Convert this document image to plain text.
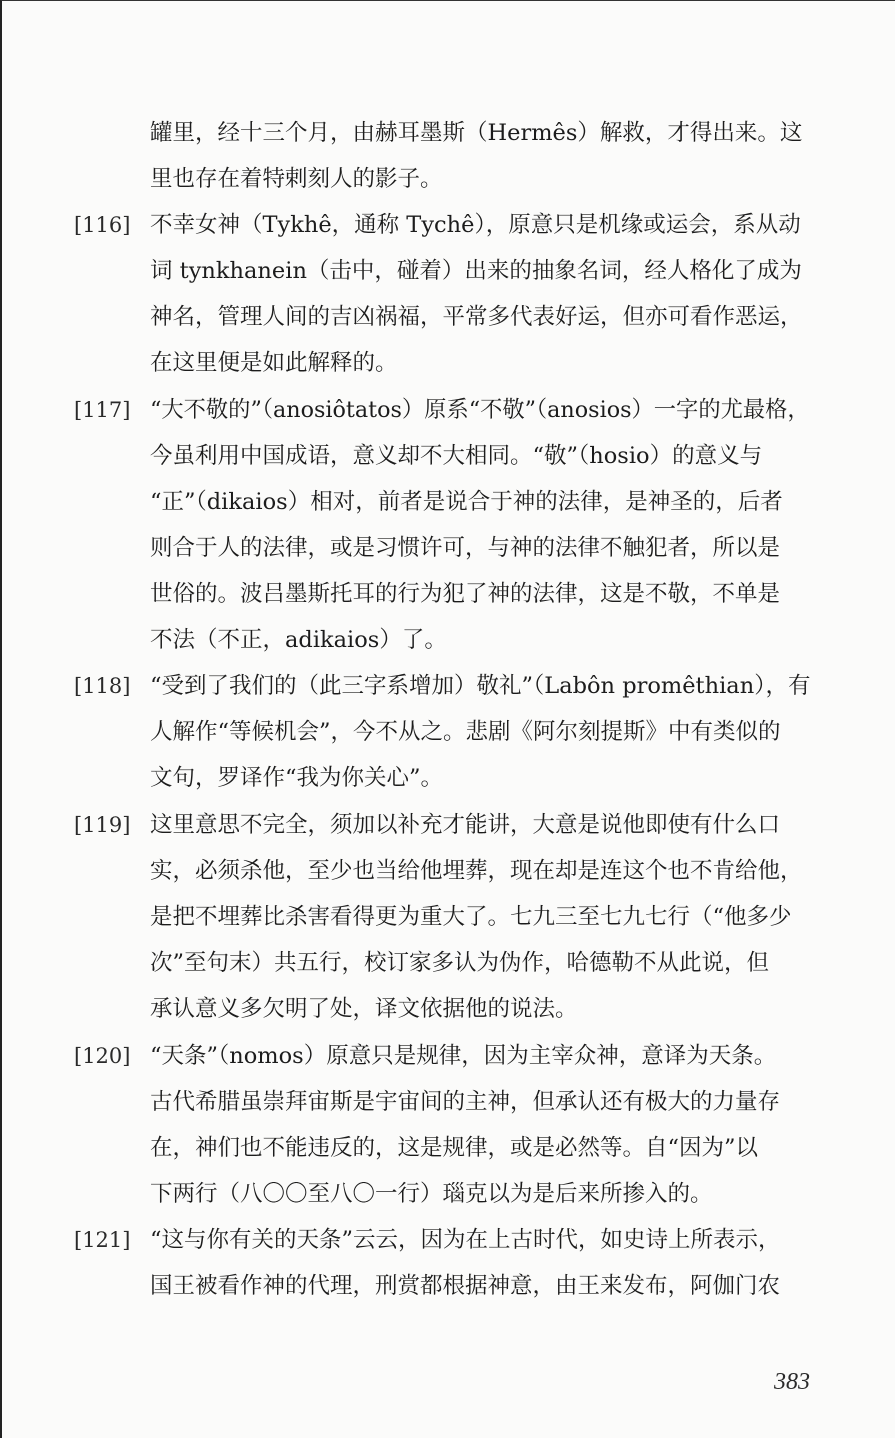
罐里，经十三个月，由赫耳墨斯（Hermês）解救，才得出来。这
里也存在着特剌刻人的影子。
[116] 不幸女神（Tykhê，通称 Tychê），原意只是机缘或运会，系从动
词 tynkhanein（击中，碰着）出来的抽象名词，经人格化了成为
神名，管理人间的吉凶祸福，平常多代表好运，但亦可看作恶运，
在这里便是如此解释的。
[117] “大不敬的”（anosiôtatos）原系“不敬”（anosios）一字的尤最格，
今虽利用中国成语，意义却不大相同。“敬”（hosio）的意义与
“正”（dikaios）相对，前者是说合于神的法律，是神圣的，后者
则合于人的法律，或是习惯许可，与神的法律不触犯者，所以是
世俗的。波吕墨斯托耳的行为犯了神的法律，这是不敬，不单是
不法（不正，adikaios）了。
[118] “受到了我们的（此三字系增加）敬礼”（Labôn promêthian），有
人解作“等候机会”，今不从之。悲剧《阿尔刻提斯》中有类似的
文句，罗译作“我为你关心”。
[119] 这里意思不完全，须加以补充才能讲，大意是说他即使有什么口
实，必须杀他，至少也当给他埋葬，现在却是连这个也不肯给他，
是把不埋葬比杀害看得更为重大了。七九三至七九七行（“他多少
次”至句末）共五行，校订家多认为伪作，哈德勒不从此说，但
承认意义多欠明了处，译文依据他的说法。
[120] “天条”（nomos）原意只是规律，因为主宰众神，意译为天条。
古代希腊虽崇拜宙斯是宇宙间的主神，但承认还有极大的力量存
在，神们也不能违反的，这是规律，或是必然等。自“因为”以
下两行（八〇〇至八〇一行）瑙克以为是后来所掺入的。
[121] “这与你有关的天条”云云，因为在上古时代，如史诗上所表示，
国王被看作神的代理，刑赏都根据神意，由王来发布，阿伽门农
383
